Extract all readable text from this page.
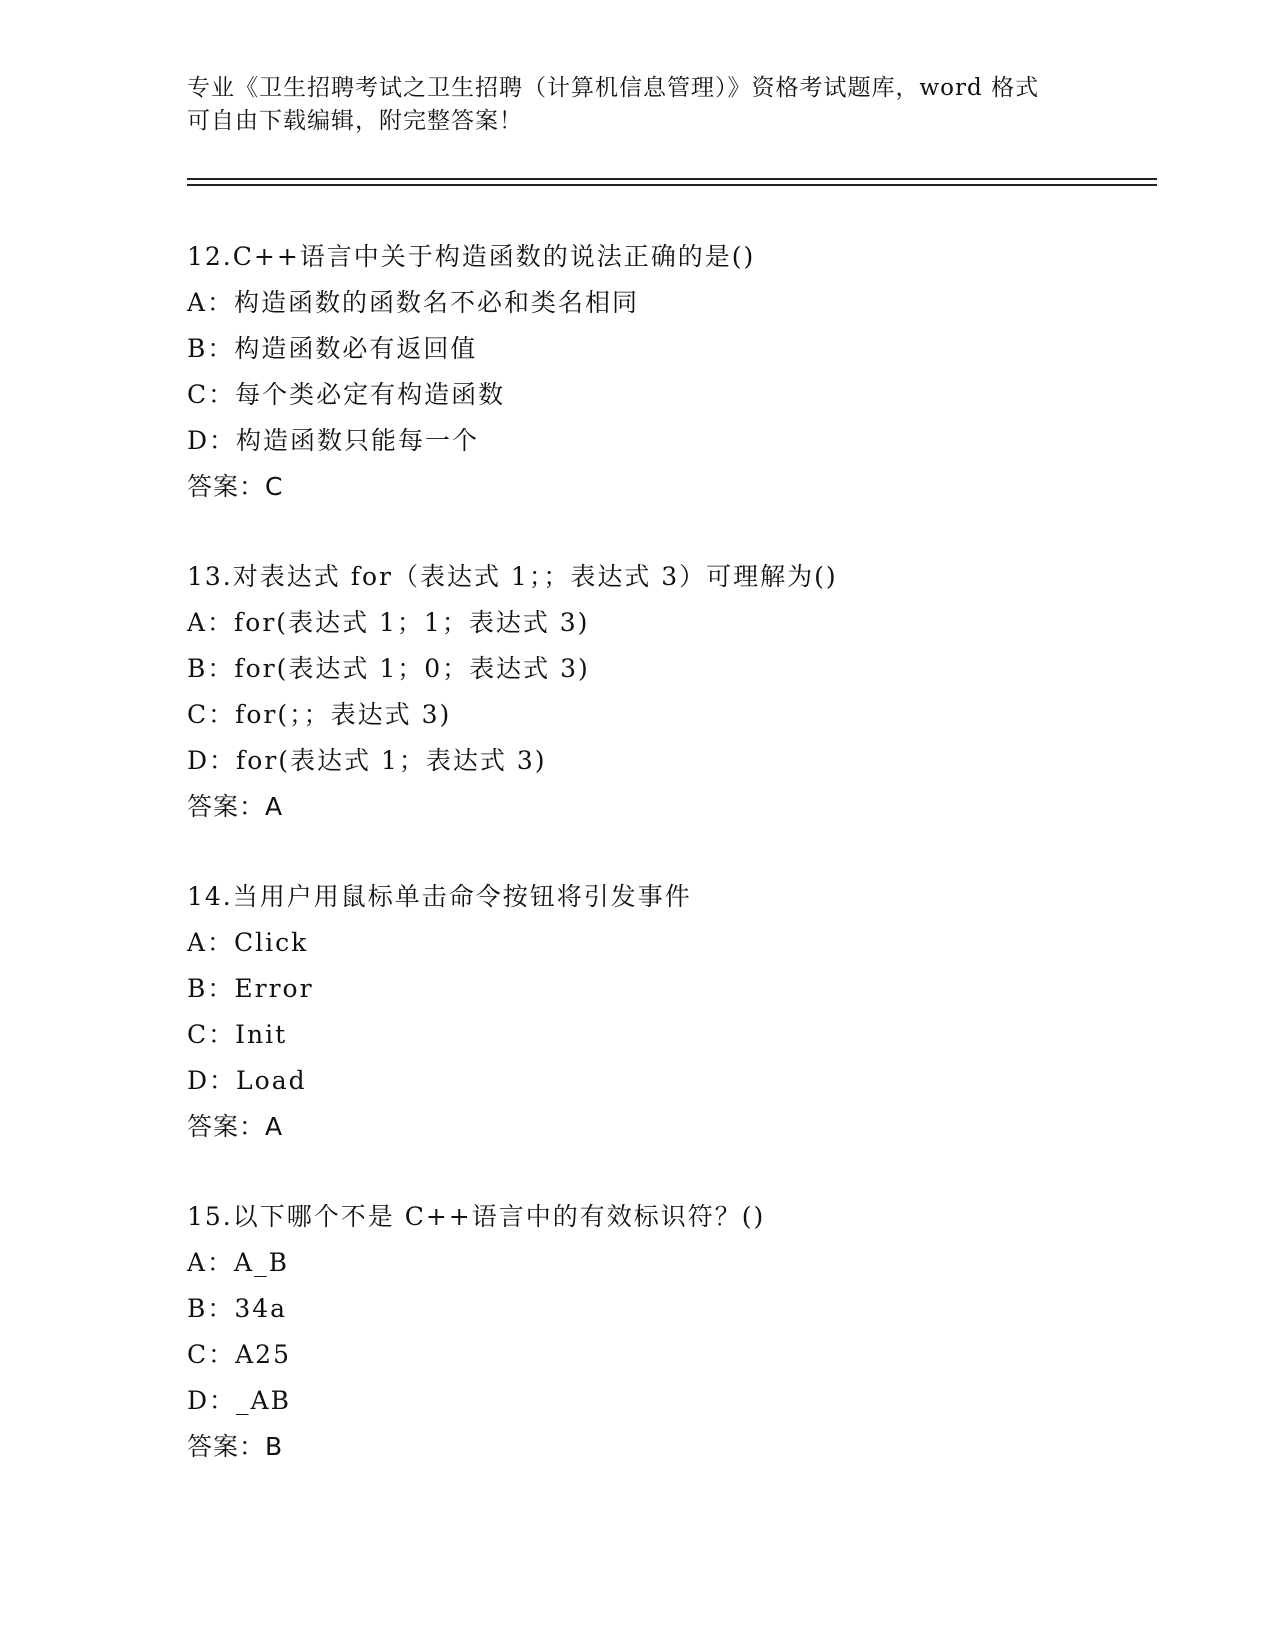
专业《卫生招聘考试之卫生招聘（计算机信息管理）》资格考试题库，word 格式
可自由下载编辑，附完整答案！
12.C++语言中关于构造函数的说法正确的是()
A：构造函数的函数名不必和类名相同
B：构造函数必有返回值
C：每个类必定有构造函数
D：构造函数只能每一个
答案：C
13.对表达式 for（表达式 1；；表达式 3）可理解为()
A：for(表达式 1；1；表达式 3)
B：for(表达式 1；0；表达式 3)
C：for(；；表达式 3)
D：for(表达式 1；表达式 3)
答案：A
14.当用户用鼠标单击命令按钮将引发事件
A：Click
B：Error
C：Init
D：Load
答案：A
15.以下哪个不是 C++语言中的有效标识符？()
A：A_B
B：34a
C：A25
D：_AB
答案：B
